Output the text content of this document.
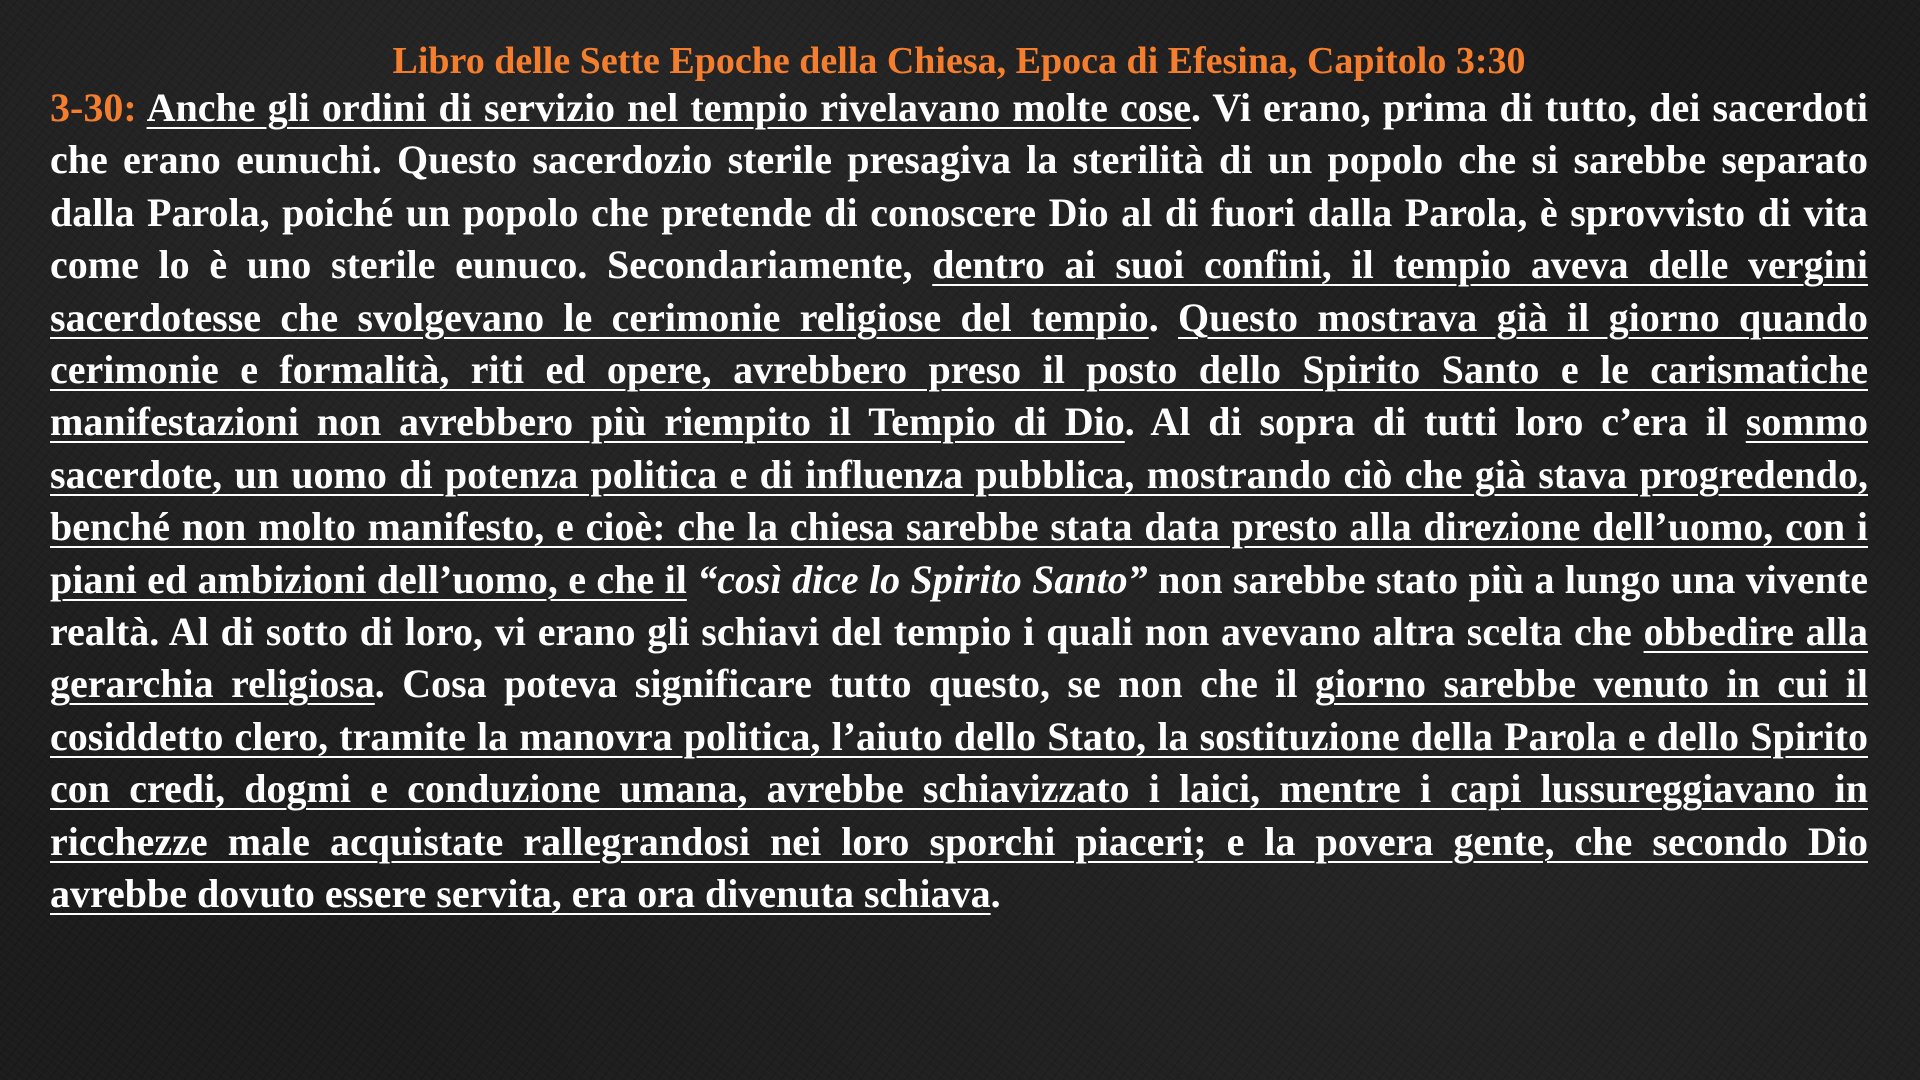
Libro delle Sette Epoche della Chiesa, Epoca di Efesina, Capitolo 3:30

3-30: Anche gli ordini di servizio nel tempio rivelavano molte cose. Vi erano, prima di tutto, dei sacerdoti che erano eunuchi. Questo sacerdozio sterile presagiva la sterilità di un popolo che si sarebbe separato dalla Parola, poiché un popolo che pretende di conoscere Dio al di fuori dalla Parola, è sprovvisto di vita come lo è uno sterile eunuco. Secondariamente, dentro ai suoi confini, il tempio aveva delle vergini sacerdotesse che svolgevano le cerimonie religiose del tempio. Questo mostrava già il giorno quando cerimonie e formalità, riti ed opere, avrebbero preso il posto dello Spirito Santo e le carismatiche manifestazioni non avrebbero più riempito il Tempio di Dio. Al di sopra di tutti loro c’era il sommo sacerdote, un uomo di potenza politica e di influenza pubblica, mostrando ciò che già stava progredendo, benché non molto manifesto, e cioè: che la chiesa sarebbe stata data presto alla direzione dell’uomo, con i piani ed ambizioni dell’uomo, e che il “così dice lo Spirito Santo” non sarebbe stato più a lungo una vivente realtà. Al di sotto di loro, vi erano gli schiavi del tempio i quali non avevano altra scelta che obbedire alla gerarchia religiosa. Cosa poteva significare tutto questo, se non che il giorno sarebbe venuto in cui il cosiddetto clero, tramite la manovra politica, l’aiuto dello Stato, la sostituzione della Parola e dello Spirito con credi, dogmi e conduzione umana, avrebbe schiavizzato i laici, mentre i capi lussureggiavano in ricchezze male acquistate rallegrandosi nei loro sporchi piaceri; e la povera gente, che secondo Dio avrebbe dovuto essere servita, era ora divenuta schiava.
